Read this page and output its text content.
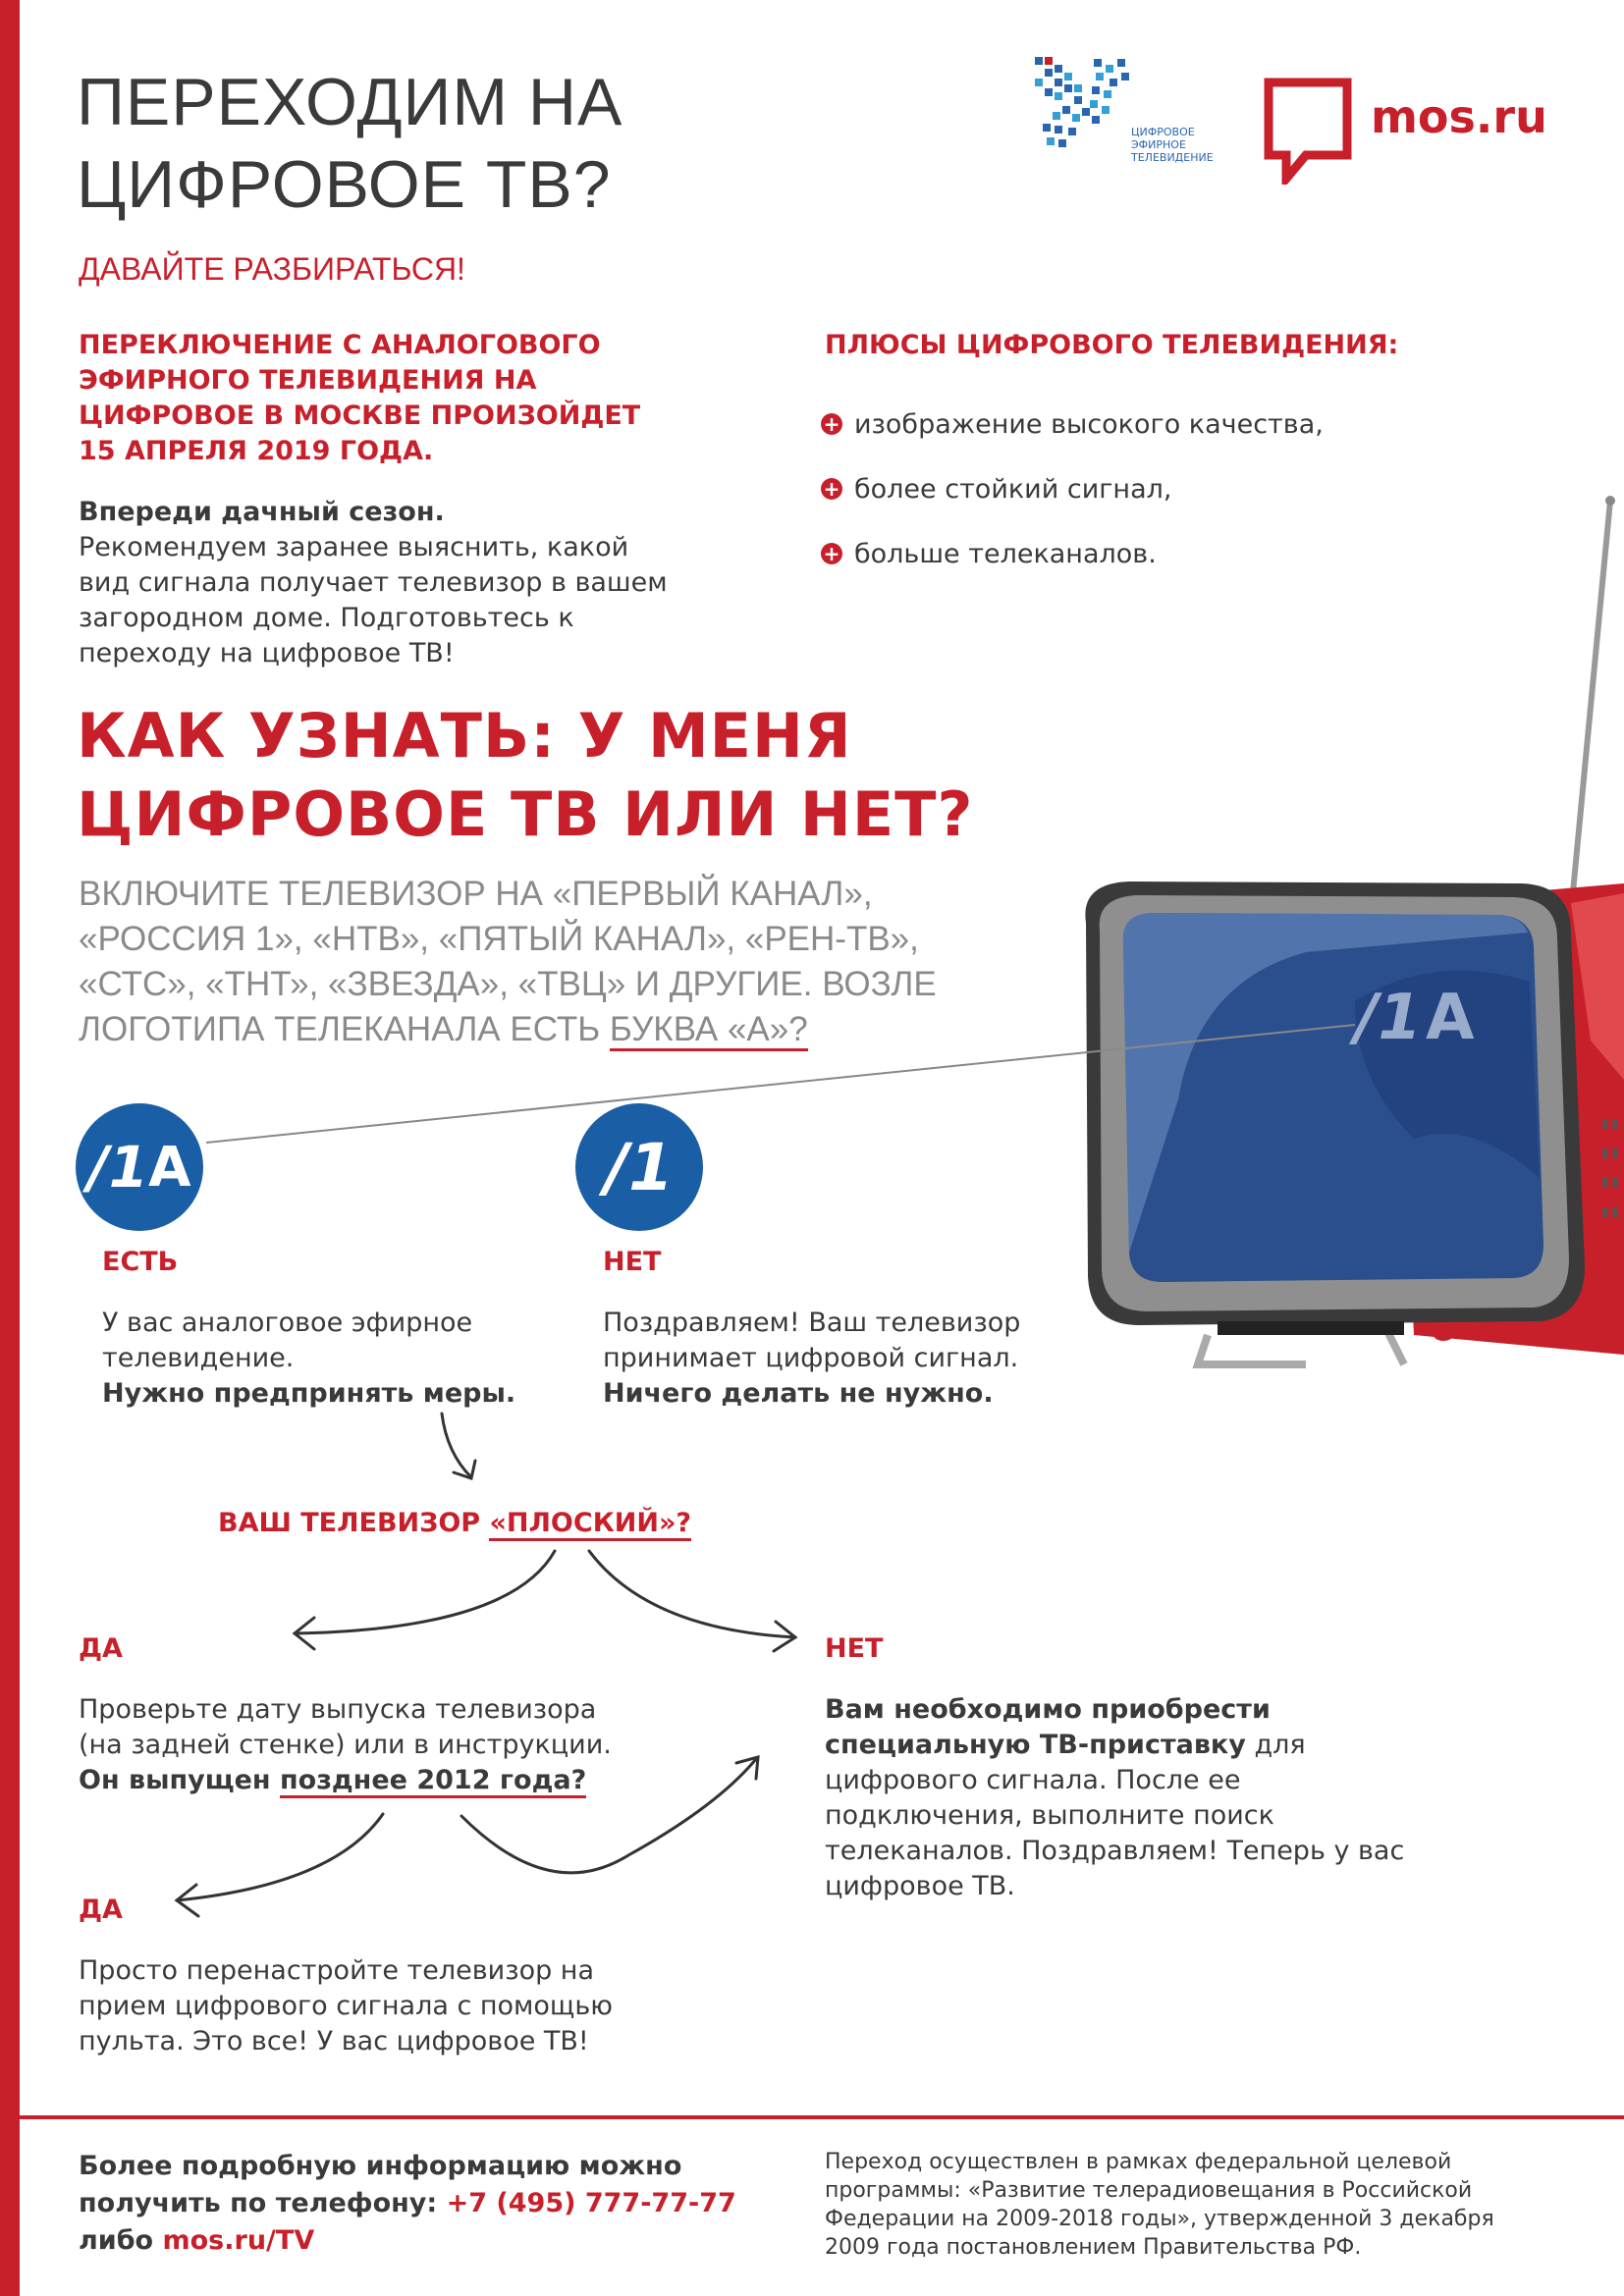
ПЕРЕХОДИМ НА
ЦИФРОВОЕ ТВ?
ДАВАЙТЕ РАЗБИРАТЬСЯ!
ЦИФРОВОЕ
ЭФИРНОЕ
ТЕЛЕВИДЕНИЕ
mos.ru
ПЕРЕКЛЮЧЕНИЕ С АНАЛОГОВОГО
ЭФИРНОГО ТЕЛЕВИДЕНИЯ НА
ЦИФРОВОЕ В МОСКВЕ ПРОИЗОЙДЕТ
15 АПРЕЛЯ 2019 ГОДА.
Впереди дачный сезон.
Рекомендуем заранее выяснить, какой
вид сигнала получает телевизор в вашем
загородном доме. Подготовьтесь к
переходу на цифровое ТВ!
ПЛЮСЫ ЦИФРОВОГО ТЕЛЕВИДЕНИЯ:
+ изображение высокого качества,
+ более стойкий сигнал,
+ больше телеканалов.
КАК УЗНАТЬ: У МЕНЯ
ЦИФРОВОЕ ТВ ИЛИ НЕТ?
ВКЛЮЧИТЕ ТЕЛЕВИЗОР НА «ПЕРВЫЙ КАНАЛ»,
«РОССИЯ 1», «НТВ», «ПЯТЫЙ КАНАЛ», «РЕН-ТВ»,
«СТС», «ТНТ», «ЗВЕЗДА», «ТВЦ» И ДРУГИЕ. ВОЗЛЕ
ЛОГОТИПА ТЕЛЕКАНАЛА ЕСТЬ БУКВА «А»?	/1 А
/1 А	/1
ЕСТЬ
У вас аналоговое эфирное
телевидение.
Нужно предпринять меры.
НЕТ
Поздравляем! Ваш телевизор
принимает цифровой сигнал.
Ничего делать не нужно.
ВАШ ТЕЛЕВИЗОР «ПЛОСКИЙ»?
ДА
Проверьте дату выпуска телевизора
(на задней стенке) или в инструкции.
Он выпущен позднее 2012 года?
НЕТ
Вам необходимо приобрести
специальную ТВ-приставку для
цифрового сигнала. После ее
подключения, выполните поиск
телеканалов. Поздравляем! Теперь у вас
цифровое ТВ.
ДА
Просто перенастройте телевизор на
прием цифрового сигнала с помощью
пульта. Это все! У вас цифровое ТВ!
Более подробную информацию можно
получить по телефону: +7 (495) 777-77-77
либо mos.ru/TV
Переход осуществлен в рамках федеральной целевой
программы: «Развитие телерадиовещания в Российской
Федерации на 2009-2018 годы», утвержденной 3 декабря
2009 года постановлением Правительства РФ.
